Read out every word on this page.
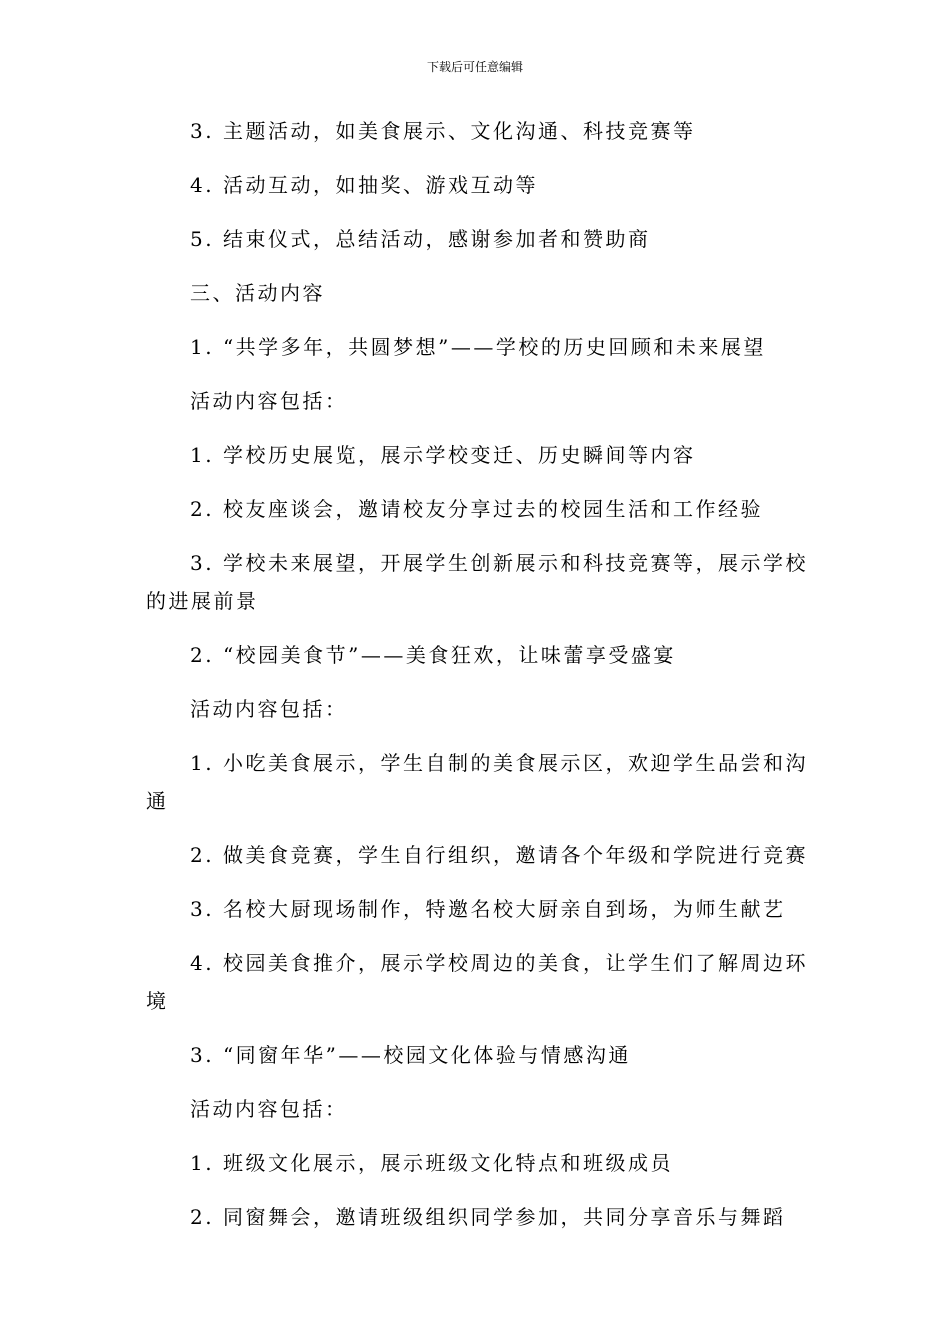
下载后可任意编辑

3. 主题活动，如美食展示、文化沟通、科技竞赛等

4. 活动互动，如抽奖、游戏互动等

5. 结束仪式，总结活动，感谢参加者和赞助商

三、活动内容

1. “共学多年，共圆梦想”——学校的历史回顾和未来展望

活动内容包括：

1. 学校历史展览，展示学校变迁、历史瞬间等内容

2. 校友座谈会，邀请校友分享过去的校园生活和工作经验

3. 学校未来展望，开展学生创新展示和科技竞赛等，展示学校的进展前景

2. “校园美食节”——美食狂欢，让味蕾享受盛宴

活动内容包括：

1. 小吃美食展示，学生自制的美食展示区，欢迎学生品尝和沟通

2. 做美食竞赛，学生自行组织，邀请各个年级和学院进行竞赛

3. 名校大厨现场制作，特邀名校大厨亲自到场，为师生献艺

4. 校园美食推介，展示学校周边的美食，让学生们了解周边环境

3. “同窗年华”——校园文化体验与情感沟通

活动内容包括：

1. 班级文化展示，展示班级文化特点和班级成员

2. 同窗舞会，邀请班级组织同学参加，共同分享音乐与舞蹈
